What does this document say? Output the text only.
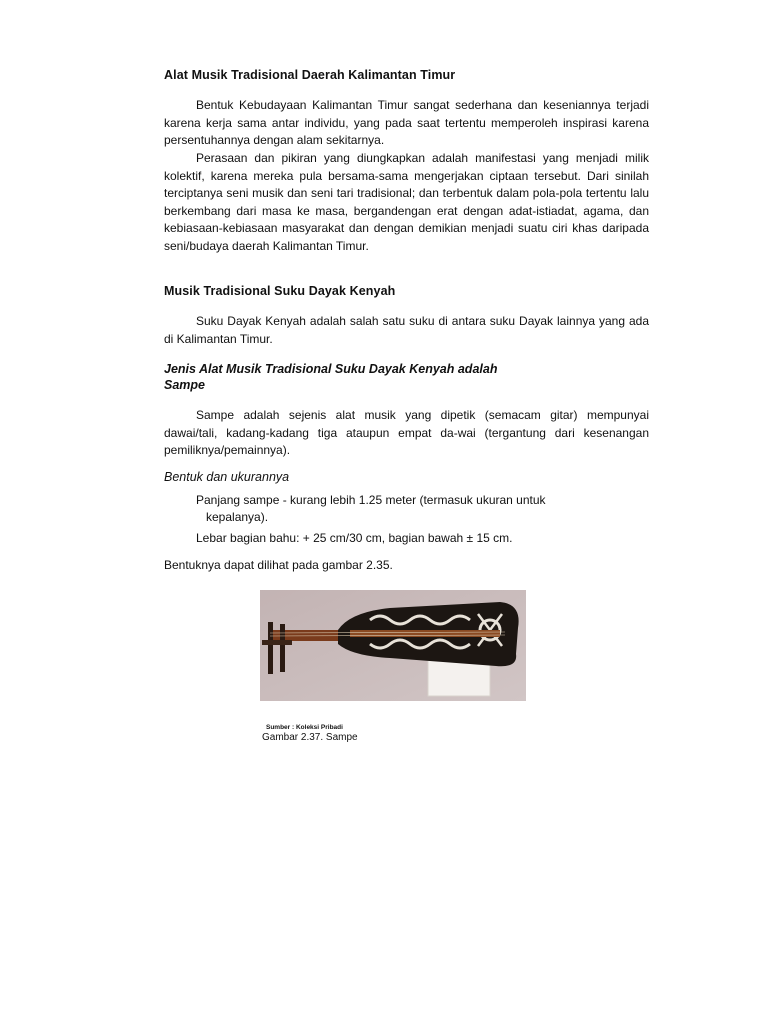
Alat Musik Tradisional Daerah Kalimantan Timur

Bentuk Kebudayaan Kalimantan Timur sangat sederhana dan keseniannya terjadi karena kerja sama antar individu, yang pada saat tertentu memperoleh inspirasi karena persentuhannya dengan alam sekitarnya.

Perasaan dan pikiran yang diungkapkan adalah manifestasi yang menjadi milik kolektif, karena mereka pula bersama-sama mengerjakan ciptaan tersebut. Dari sinilah terciptanya seni musik dan seni tari tradisional; dan terbentuk dalam pola-pola tertentu lalu berkembang dari masa ke masa, bergandengan erat dengan adat-istiadat, agama, dan kebiasaan-kebiasaan masyarakat dan dengan demikian menjadi suatu ciri khas daripada seni/budaya daerah Kalimantan Timur.

Musik Tradisional Suku Dayak Kenyah

Suku Dayak Kenyah adalah salah satu suku di antara suku Dayak lainnya yang ada di Kalimantan Timur.

Jenis Alat Musik Tradisional Suku Dayak Kenyah adalah
Sampe

Sampe adalah sejenis alat musik yang dipetik (semacam gitar) mempunyai dawai/tali, kadang-kadang tiga ataupun empat da-wai (tergantung dari kesenangan pemiliknya/pemainnya).

Bentuk dan ukurannya
Panjang sampe - kurang lebih 1.25 meter (termasuk ukuran untuk
kepalanya).
Lebar bagian bahu: + 25 cm/30 cm, bagian bawah ± 15 cm.
Bentuknya dapat dilihat pada gambar 2.35.
Sumber : Koleksi Pribadi
Gambar 2.37. Sampe
